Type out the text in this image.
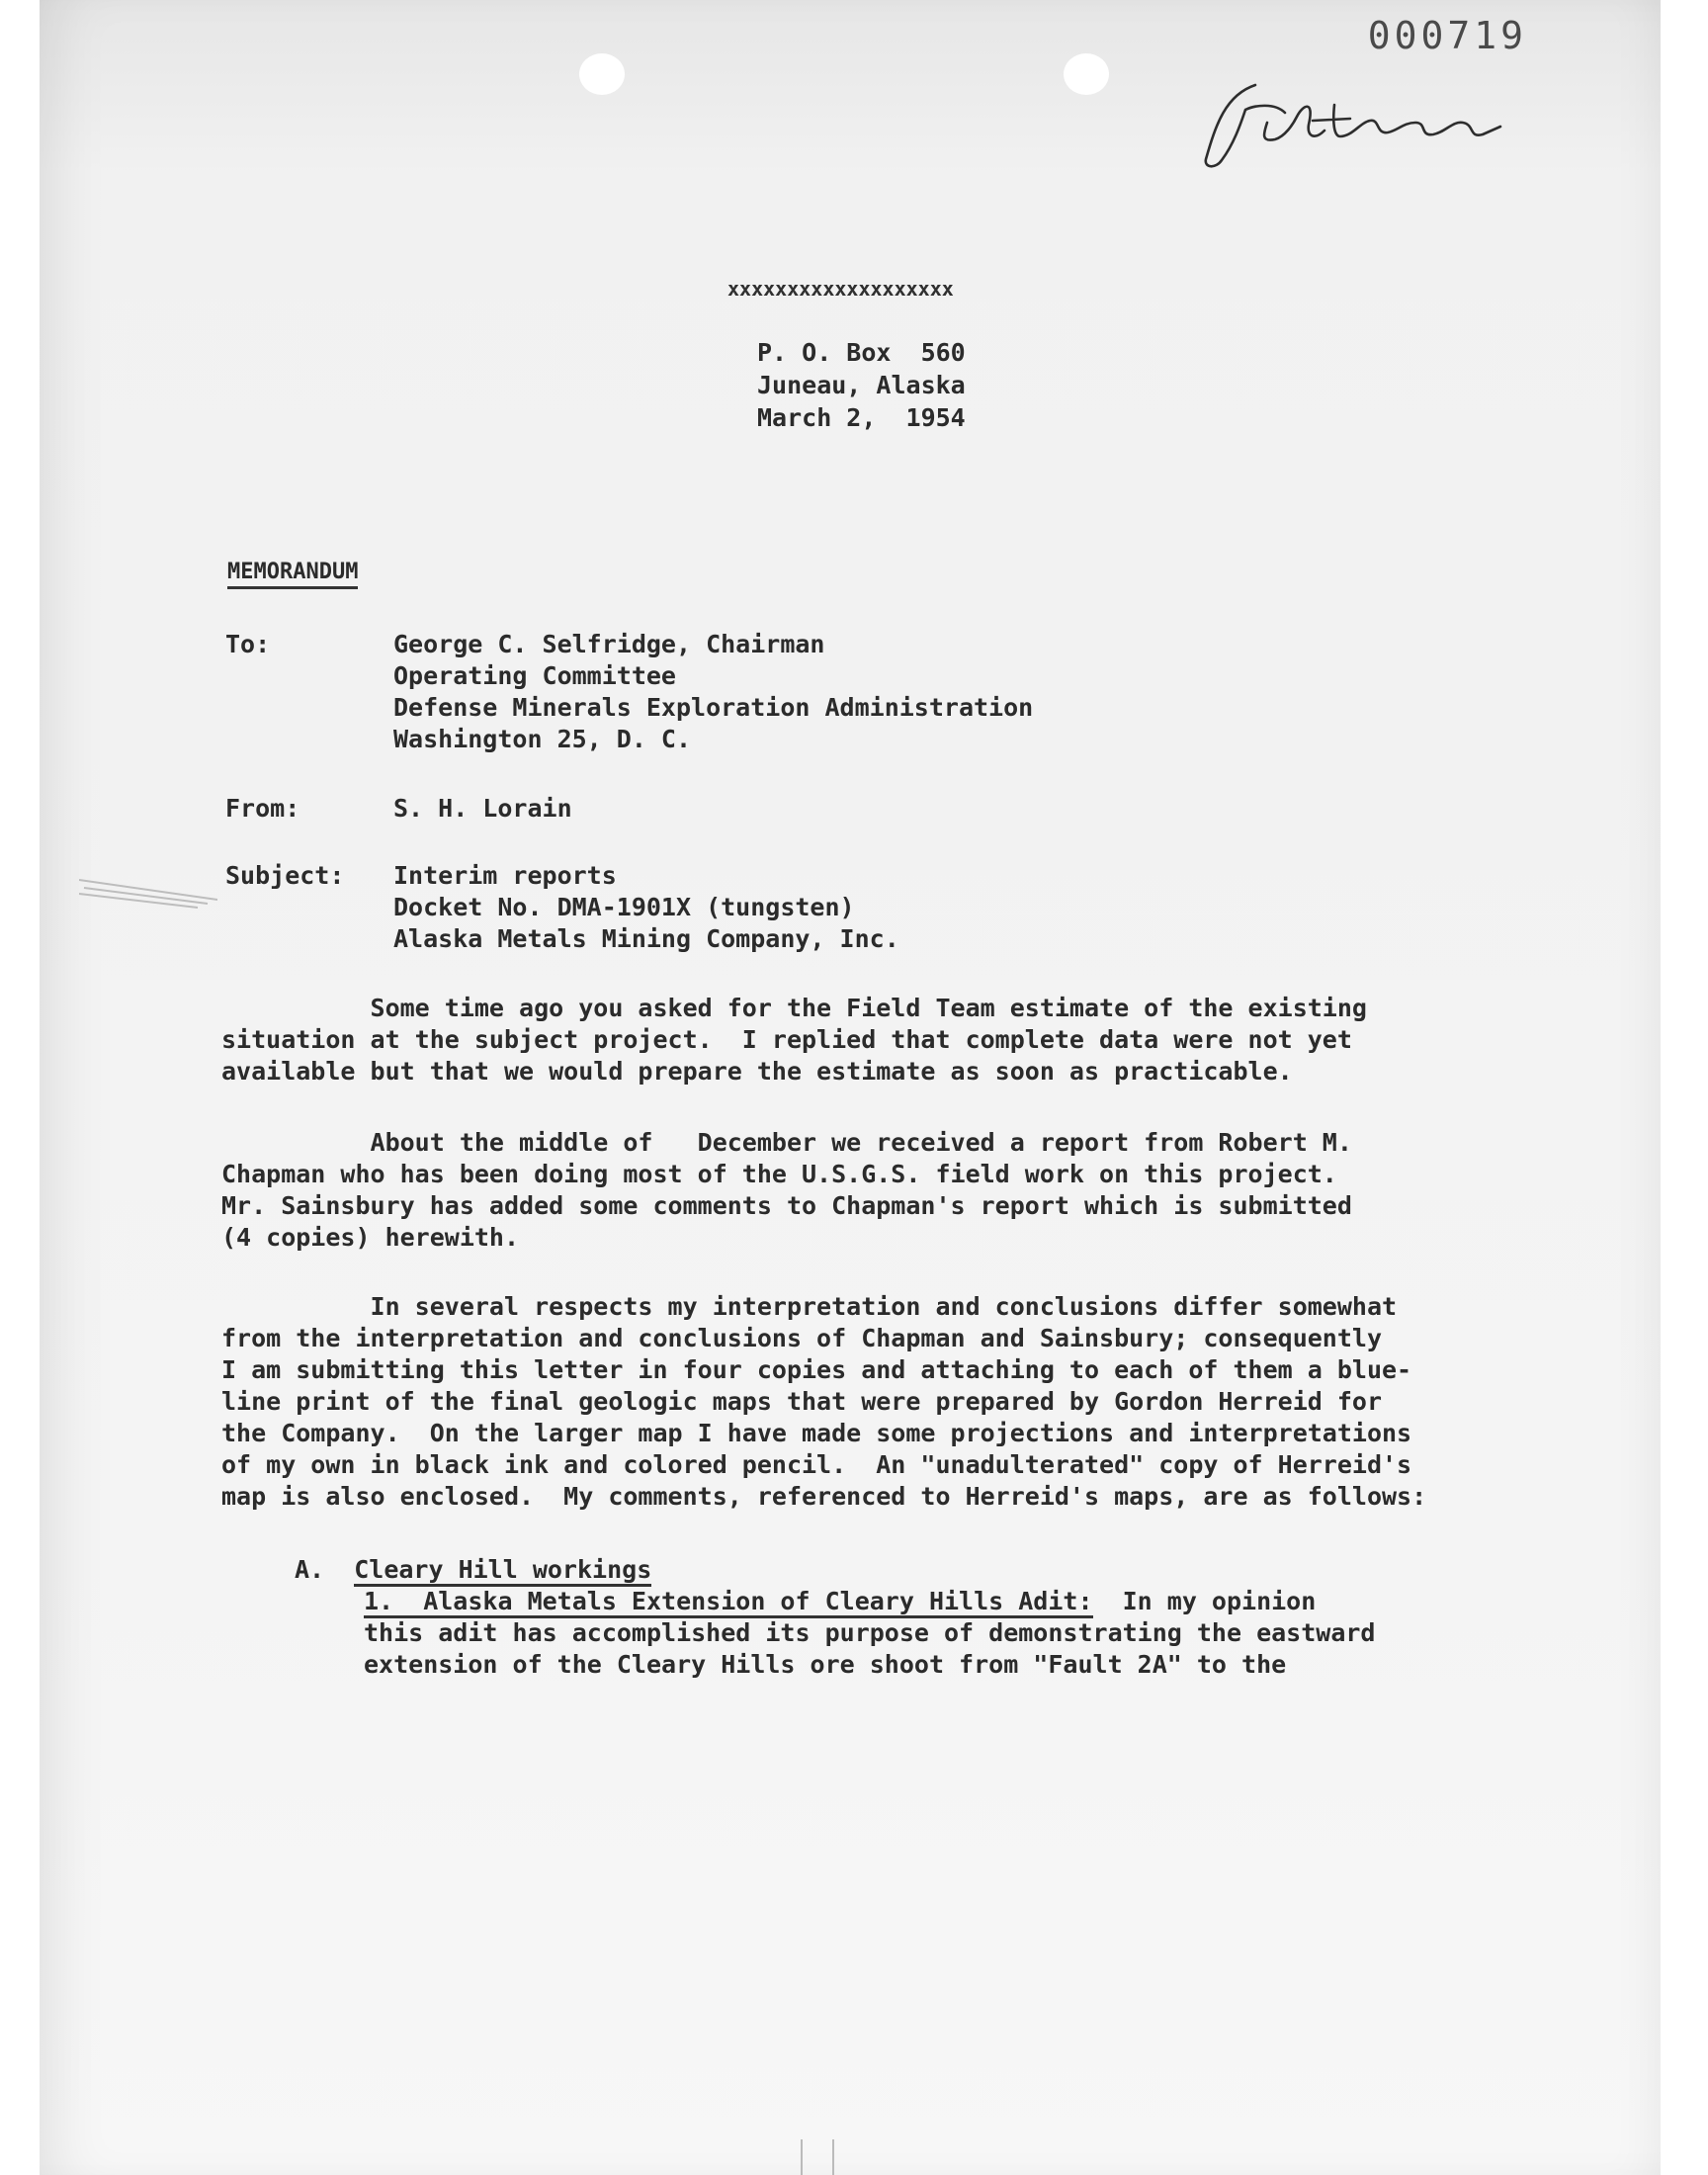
000719
xxxxxxxxxxxxxxxxxxx
P. O. Box  560
Juneau, Alaska
March 2,  1954
MEMORANDUM
To:	George C. Selfridge, Chairman
Operating Committee
Defense Minerals Exploration Administration
Washington 25, D. C.
From:	S. H. Lorain
Subject:	Interim reports
Docket No. DMA-1901X (tungsten)
Alaska Metals Mining Company, Inc.
Some time ago you asked for the Field Team estimate of the existing
situation at the subject project.  I replied that complete data were not yet
available but that we would prepare the estimate as soon as practicable.
About the middle of   December we received a report from Robert M.
Chapman who has been doing most of the U.S.G.S. field work on this project.
Mr. Sainsbury has added some comments to Chapman's report which is submitted
(4 copies) herewith.
In several respects my interpretation and conclusions differ somewhat
from the interpretation and conclusions of Chapman and Sainsbury; consequently
I am submitting this letter in four copies and attaching to each of them a blue-
line print of the final geologic maps that were prepared by Gordon Herreid for
the Company.  On the larger map I have made some projections and interpretations
of my own in black ink and colored pencil.  An "unadulterated" copy of Herreid's
map is also enclosed.  My comments, referenced to Herreid's maps, are as follows:
A. Cleary Hill workings
1.  Alaska Metals Extension of Cleary Hills Adit:  In my opinion
this adit has accomplished its purpose of demonstrating the eastward
extension of the Cleary Hills ore shoot from "Fault 2A" to the
